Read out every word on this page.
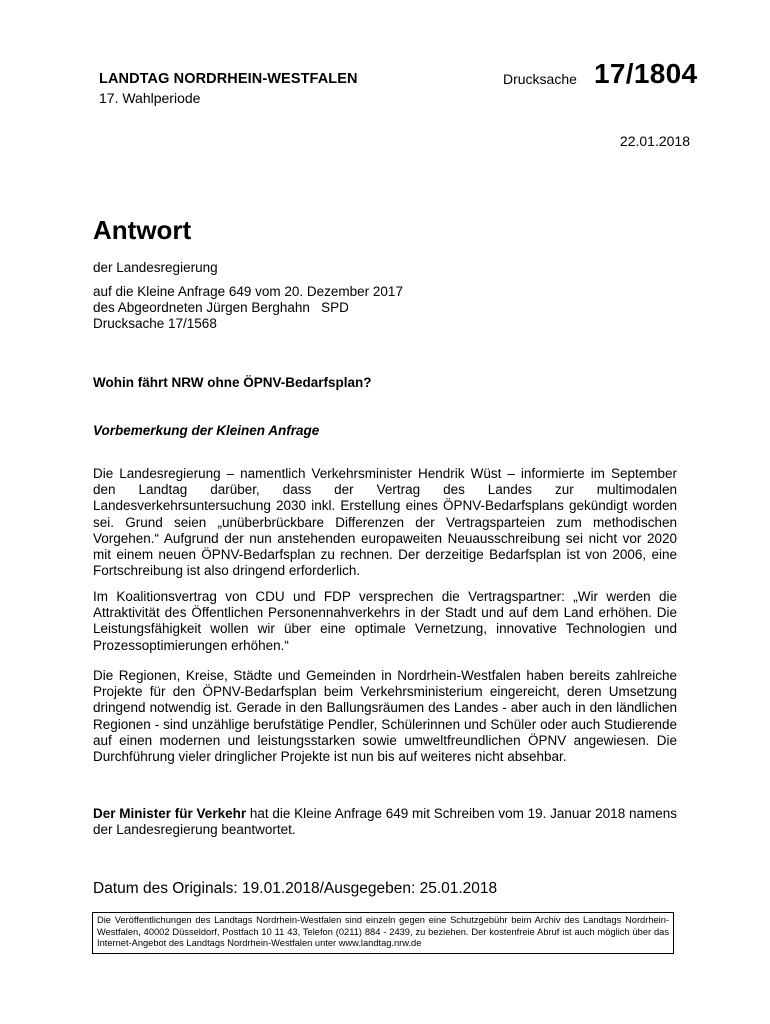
LANDTAG NORDRHEIN-WESTFALEN
17. Wahlperiode
Drucksache 17/1804
22.01.2018
Antwort
der Landesregierung
auf die Kleine Anfrage 649 vom 20. Dezember 2017
des Abgeordneten Jürgen Berghahn   SPD
Drucksache 17/1568
Wohin fährt NRW ohne ÖPNV-Bedarfsplan?
Vorbemerkung der Kleinen Anfrage
Die Landesregierung – namentlich Verkehrsminister Hendrik Wüst – informierte im September den Landtag darüber, dass der Vertrag des Landes zur multimodalen Landesverkehrsuntersuchung 2030 inkl. Erstellung eines ÖPNV-Bedarfsplans gekündigt worden sei. Grund seien „unüberbrückbare Differenzen der Vertragsparteien zum methodischen Vorgehen.“ Aufgrund der nun anstehenden europaweiten Neuausschreibung sei nicht vor 2020 mit einem neuen ÖPNV-Bedarfsplan zu rechnen. Der derzeitige Bedarfsplan ist von 2006, eine Fortschreibung ist also dringend erforderlich.
Im Koalitionsvertrag von CDU und FDP versprechen die Vertragspartner: „Wir werden die Attraktivität des Öffentlichen Personennahverkehrs in der Stadt und auf dem Land erhöhen. Die Leistungsfähigkeit wollen wir über eine optimale Vernetzung, innovative Technologien und Prozessoptimierungen erhöhen.“
Die Regionen, Kreise, Städte und Gemeinden in Nordrhein-Westfalen haben bereits zahlreiche Projekte für den ÖPNV-Bedarfsplan beim Verkehrsministerium eingereicht, deren Umsetzung dringend notwendig ist. Gerade in den Ballungsräumen des Landes - aber auch in den ländlichen Regionen - sind unzählige berufstätige Pendler, Schülerinnen und Schüler oder auch Studierende auf einen modernen und leistungsstarken sowie umweltfreundlichen ÖPNV angewiesen. Die Durchführung vieler dringlicher Projekte ist nun bis auf weiteres nicht absehbar.
Der Minister für Verkehr hat die Kleine Anfrage 649 mit Schreiben vom 19. Januar 2018 namens der Landesregierung beantwortet.
Datum des Originals: 19.01.2018/Ausgegeben: 25.01.2018
Die Veröffentlichungen des Landtags Nordrhein-Westfalen sind einzeln gegen eine Schutzgebühr beim Archiv des Landtags Nordrhein-Westfalen, 40002 Düsseldorf, Postfach 10 11 43, Telefon (0211) 884 - 2439, zu beziehen. Der kostenfreie Abruf ist auch möglich über das Internet-Angebot des Landtags Nordrhein-Westfalen unter www.landtag.nrw.de
